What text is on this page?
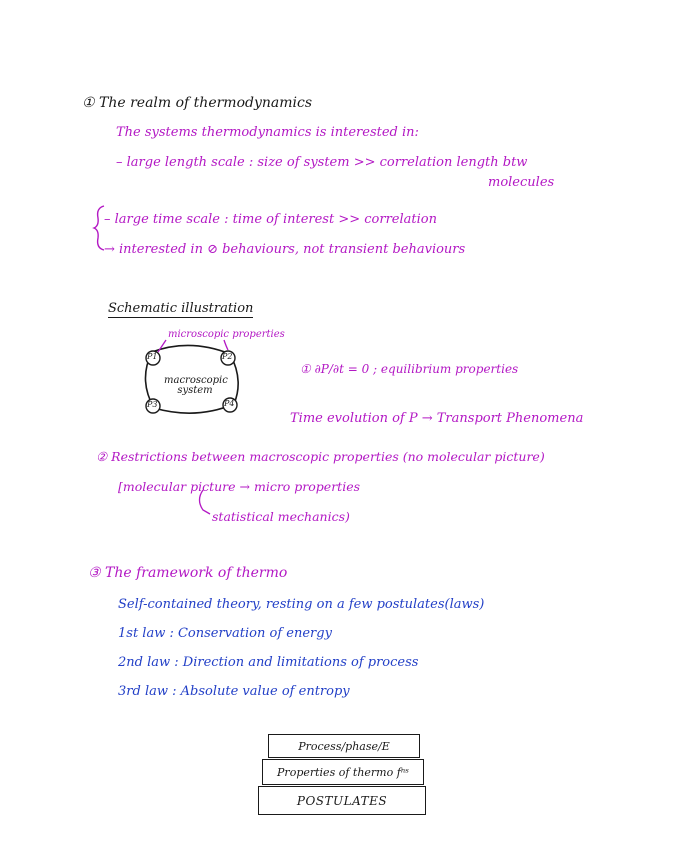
① The realm of thermodynamics
The systems thermodynamics is interested in:
– large length scale : size of system >> correlation length btw
molecules
– large time scale : time of interest >> correlation
→ interested in ⊘ behaviours, not transient behaviours
Schematic illustration
microscopic properties
macroscopic system
P1	P2
P3	P4
① ∂P/∂t = 0 ; equilibrium properties
Time evolution of P → Transport Phenomena
② Restrictions between macroscopic properties (no molecular picture)
[molecular picture → micro properties
statistical mechanics)
③ The framework of thermo
Self-contained theory, resting on a few postulates(laws)
1st law : Conservation of energy
2nd law : Direction and limitations of process
3rd law : Absolute value of entropy
Process/phase/E
Properties of thermo fⁿˢ
POSTULATES
